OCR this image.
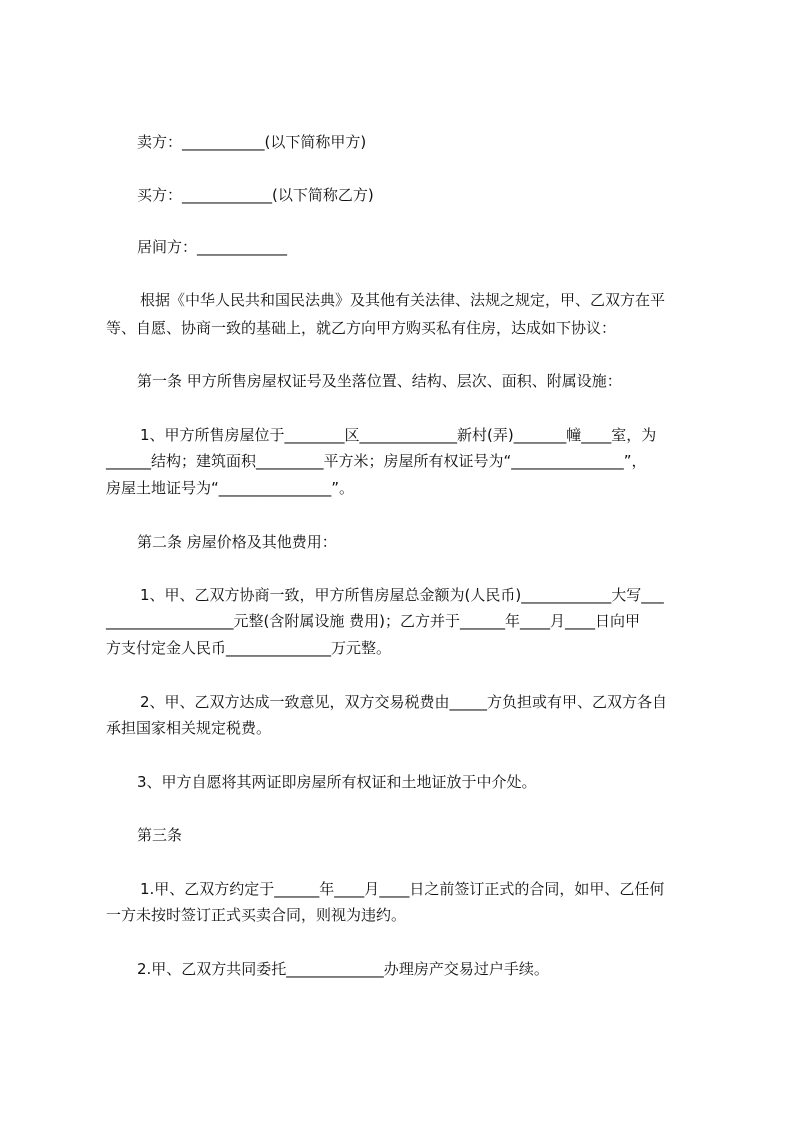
卖方：___________(以下简称甲方)
买方：____________(以下简称乙方)
居间方：____________
根据《中华人民共和国民法典》及其他有关法律、法规之规定，甲、乙双方在平
等、自愿、协商一致的基础上，就乙方向甲方购买私有住房，达成如下协议：
第一条 甲方所售房屋权证号及坐落位置、结构、层次、面积、附属设施：
1、甲方所售房屋位于________区_____________新村(弄)_______幢____室，为
______结构；建筑面积_________平方米；房屋所有权证号为“_______________”，
房屋土地证号为“_______________”。
第二条 房屋价格及其他费用：
1、甲、乙双方协商一致，甲方所售房屋总金额为(人民币)____________大写___
_________________元整(含附属设施 费用)；乙方并于______年____月____日向甲
方支付定金人民币______________万元整。
2、甲、乙双方达成一致意见，双方交易税费由_____方负担或有甲、乙双方各自
承担国家相关规定税费。
3、甲方自愿将其两证即房屋所有权证和土地证放于中介处。
第三条
1.甲、乙双方约定于______年____月____日之前签订正式的合同，如甲、乙任何
一方未按时签订正式买卖合同，则视为违约。
2.甲、乙双方共同委托_____________办理房产交易过户手续。
